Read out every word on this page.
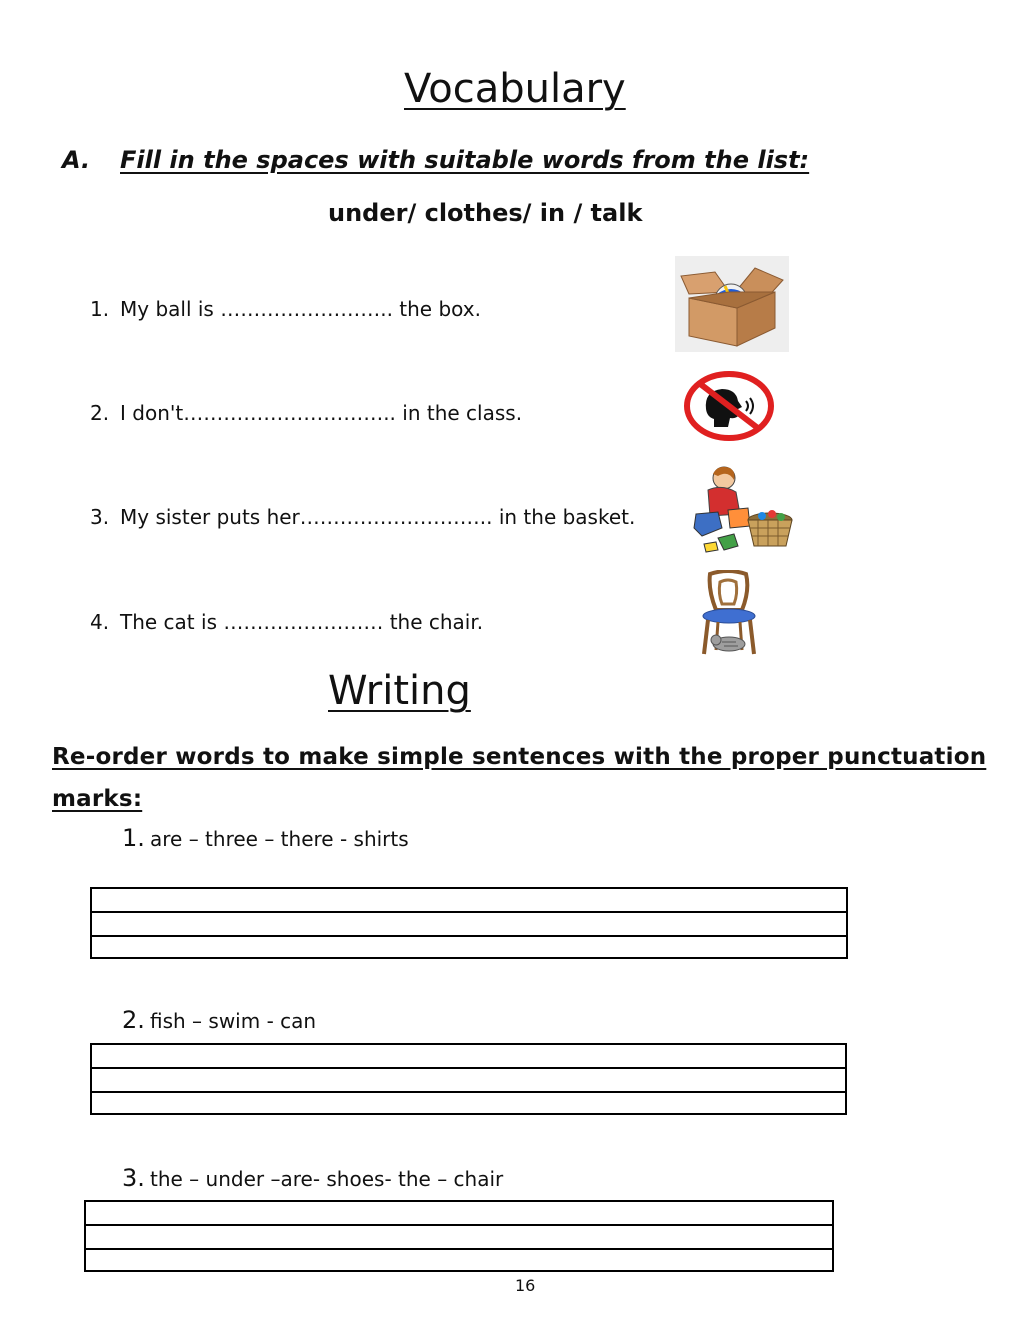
Vocabulary
A. Fill in the spaces with suitable words from the list:
under/ clothes/ in / talk
1. My ball is …………………….. the box.
2. I don't………………………….. in the class.
3. My sister puts her……………………….. in the basket.
4. The cat is …………………… the chair.
Writing
Re-order words to make simple sentences with the proper punctuation
marks:
1. are – three – there - shirts
2. fish – swim - can
3. the – under –are- shoes- the – chair
16
